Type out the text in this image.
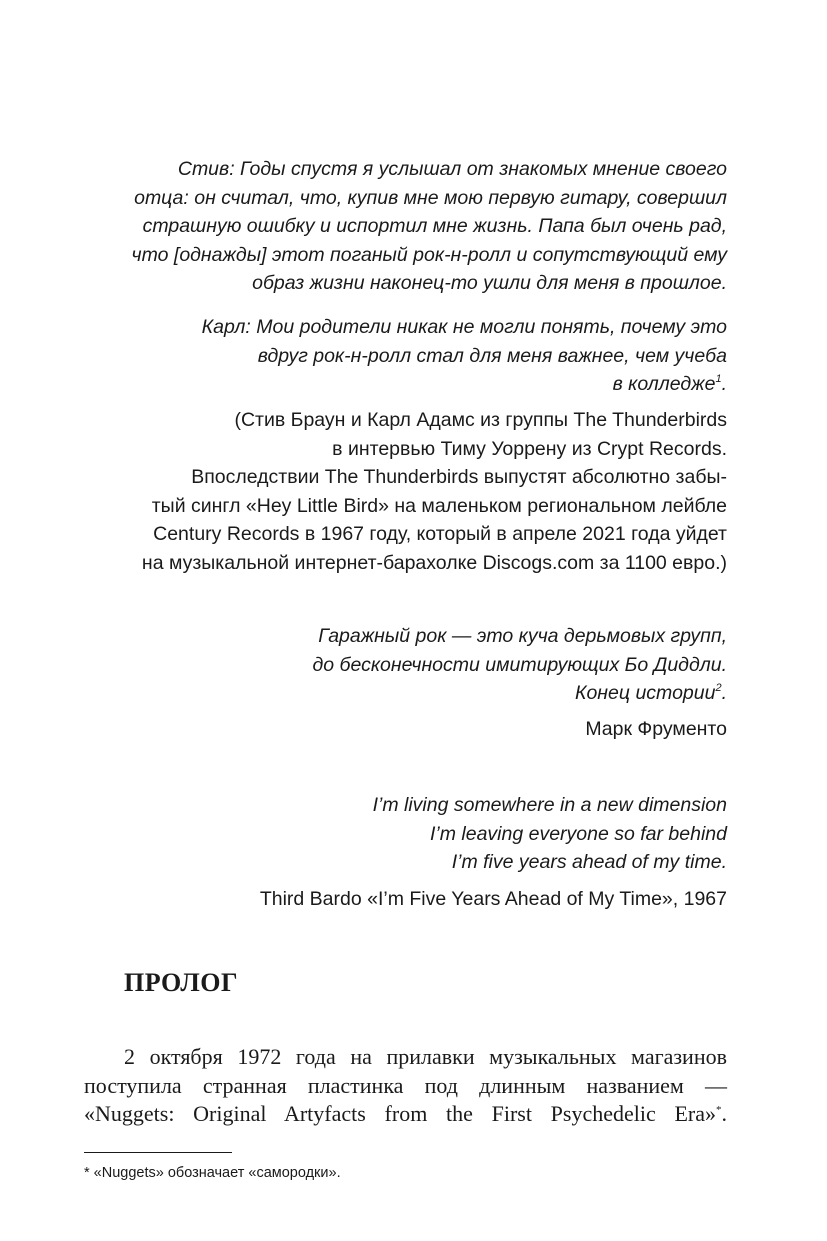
Стив: Годы спустя я услышал от знакомых мнение своего
отца: он считал, что, купив мне мою первую гитару, совершил
страшную ошибку и испортил мне жизнь. Папа был очень рад,
что [однажды] этот поганый рок-н-ролл и сопутствующий ему
образ жизни наконец-то ушли для меня в прошлое.
Карл: Мои родители никак не могли понять, почему это
вдруг рок-н-ролл стал для меня важнее, чем учеба
в колледже$^1$.
(Стив Браун и Карл Адамс из группы The Thunderbirds
в интервью Тиму Уоррену из Crypt Records.
Впоследствии The Thunderbirds выпустят абсолютно забы-
тый сингл «Hey Little Bird» на маленьком региональном лейбле
Century Records в 1967 году, который в апреле 2021 года уйдет
на музыкальной интернет-барахолке Discogs.com за 1100 евро.)
Гаражный рок — это куча дерьмовых групп,
до бесконечности имитирующих Бо Диддли.
Конец истории$^2$.
Марк Фрументо
I’m living somewhere in a new dimension
I’m leaving everyone so far behind
I’m five years ahead of my time.
Third Bardo «I’m Five Years Ahead of My Time», 1967
ПРОЛОГ
2 октября 1972 года на прилавки музыкальных магазинов
поступила странная пластинка под длинным названием —
«Nuggets: Original Artyfacts from the First Psychedelic Era»*.
* «Nuggets» обозначает «самородки».
